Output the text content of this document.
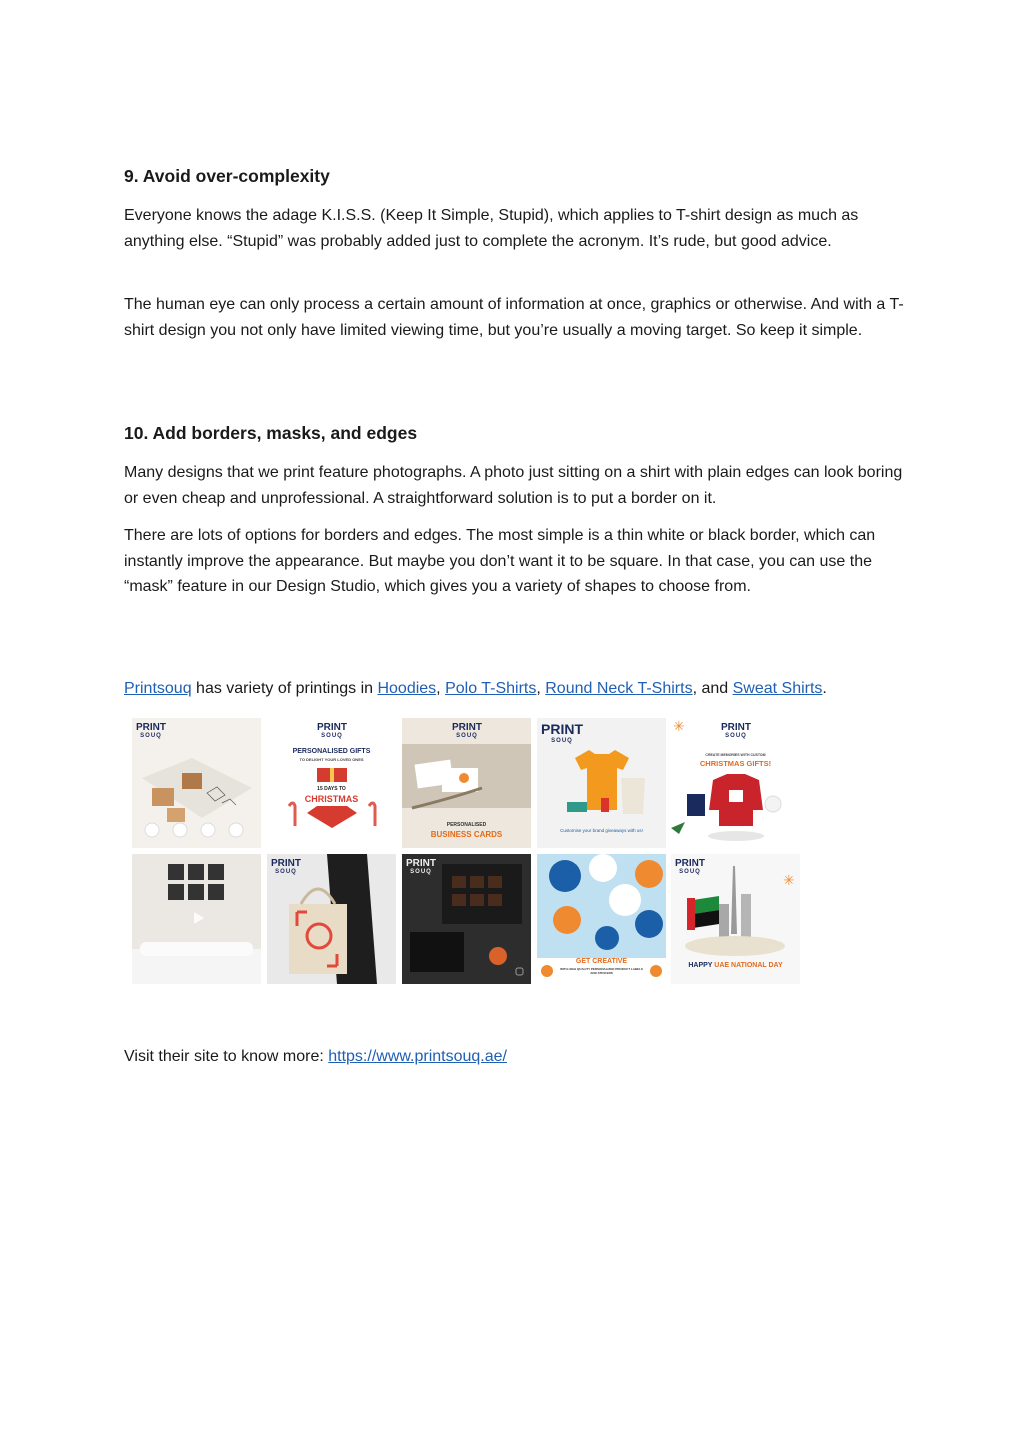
9. Avoid over-complexity

Everyone knows the adage K.I.S.S. (Keep It Simple, Stupid), which applies to T-shirt design as much as anything else. “Stupid” was probably added just to complete the acronym. It’s rude, but good advice.

The human eye can only process a certain amount of information at once, graphics or otherwise. And with a T-shirt design you not only have limited viewing time, but you’re usually a moving target. So keep it simple.

10. Add borders, masks, and edges

Many designs that we print feature photographs. A photo just sitting on a shirt with plain edges can look boring or even cheap and unprofessional. A straightforward solution is to put a border on it.

There are lots of options for borders and edges. The most simple is a thin white or black border, which can instantly improve the appearance. But maybe you don’t want it to be square. In that case, you can use the “mask” feature in our Design Studio, which gives you a variety of shapes to choose from.

Printsouq has variety of printings in Hoodies, Polo T-Shirts, Round Neck T-Shirts, and Sweat Shirts.

Visit their site to know more: https://www.printsouq.ae/

PRINT
SOUQ
PRINT
SOUQ
PERSONALISED GIFTS
TO DELIGHT YOUR LOVED ONES
15 DAYS TO
CHRISTMAS
PRINT
SOUQ
PERSONALISED
BUSINESS CARDS
PRINT
SOUQ
Customise your brand giveaways with us!
✳	PRINT
SOUQ
CREATE MEMORIES WITH CUSTOM
CHRISTMAS GIFTS!
PRINT
SOUQ
PRINT
SOUQ
GET CREATIVE
WITH HIGH QUALITY PERSONALIZED PRODUCT LABELS AND STICKERS
PRINT
SOUQ	✳
HAPPY UAE NATIONAL DAY
